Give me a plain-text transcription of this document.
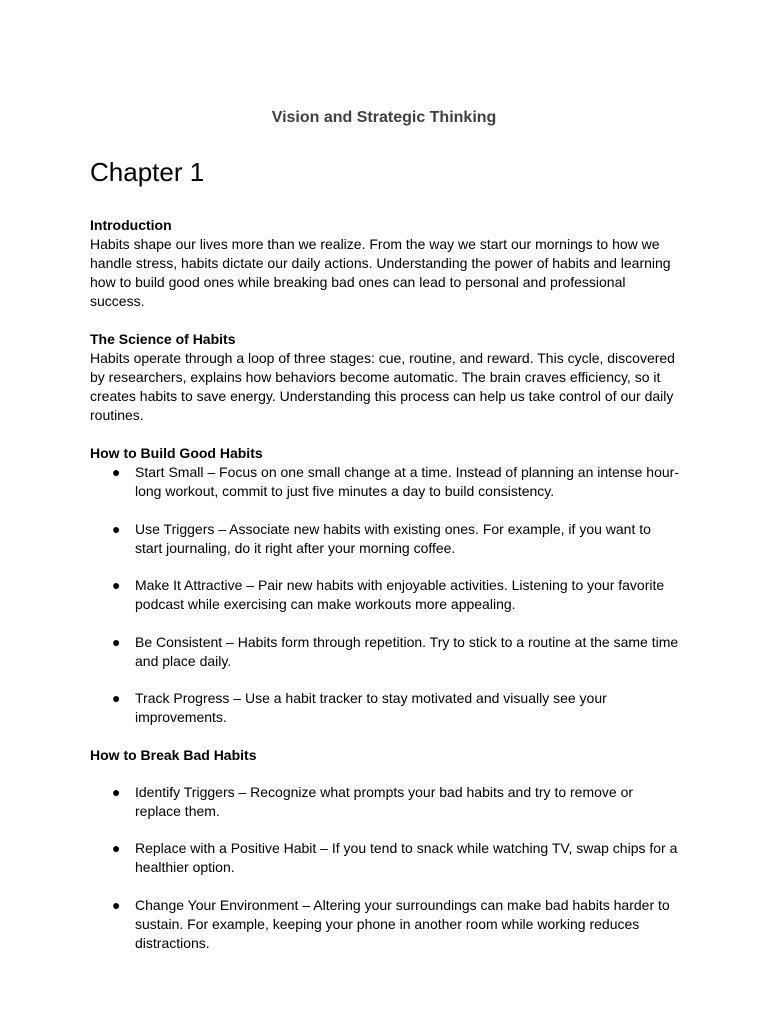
Vision and Strategic Thinking
Chapter 1

Introduction

Habits shape our lives more than we realize. From the way we start our mornings to how we handle stress, habits dictate our daily actions. Understanding the power of habits and learning how to build good ones while breaking bad ones can lead to personal and professional success.

The Science of Habits

Habits operate through a loop of three stages: cue, routine, and reward. This cycle, discovered by researchers, explains how behaviors become automatic. The brain craves efficiency, so it creates habits to save energy. Understanding this process can help us take control of our daily routines.

How to Build Good Habits

● Start Small – Focus on one small change at a time. Instead of planning an intense hour-long workout, commit to just five minutes a day to build consistency.
● Use Triggers – Associate new habits with existing ones. For example, if you want to start journaling, do it right after your morning coffee.
● Make It Attractive – Pair new habits with enjoyable activities. Listening to your favorite podcast while exercising can make workouts more appealing.
● Be Consistent – Habits form through repetition. Try to stick to a routine at the same time and place daily.
● Track Progress – Use a habit tracker to stay motivated and visually see your improvements.

How to Break Bad Habits

● Identify Triggers – Recognize what prompts your bad habits and try to remove or replace them.
● Replace with a Positive Habit – If you tend to snack while watching TV, swap chips for a healthier option.
● Change Your Environment – Altering your surroundings can make bad habits harder to sustain. For example, keeping your phone in another room while working reduces distractions.
